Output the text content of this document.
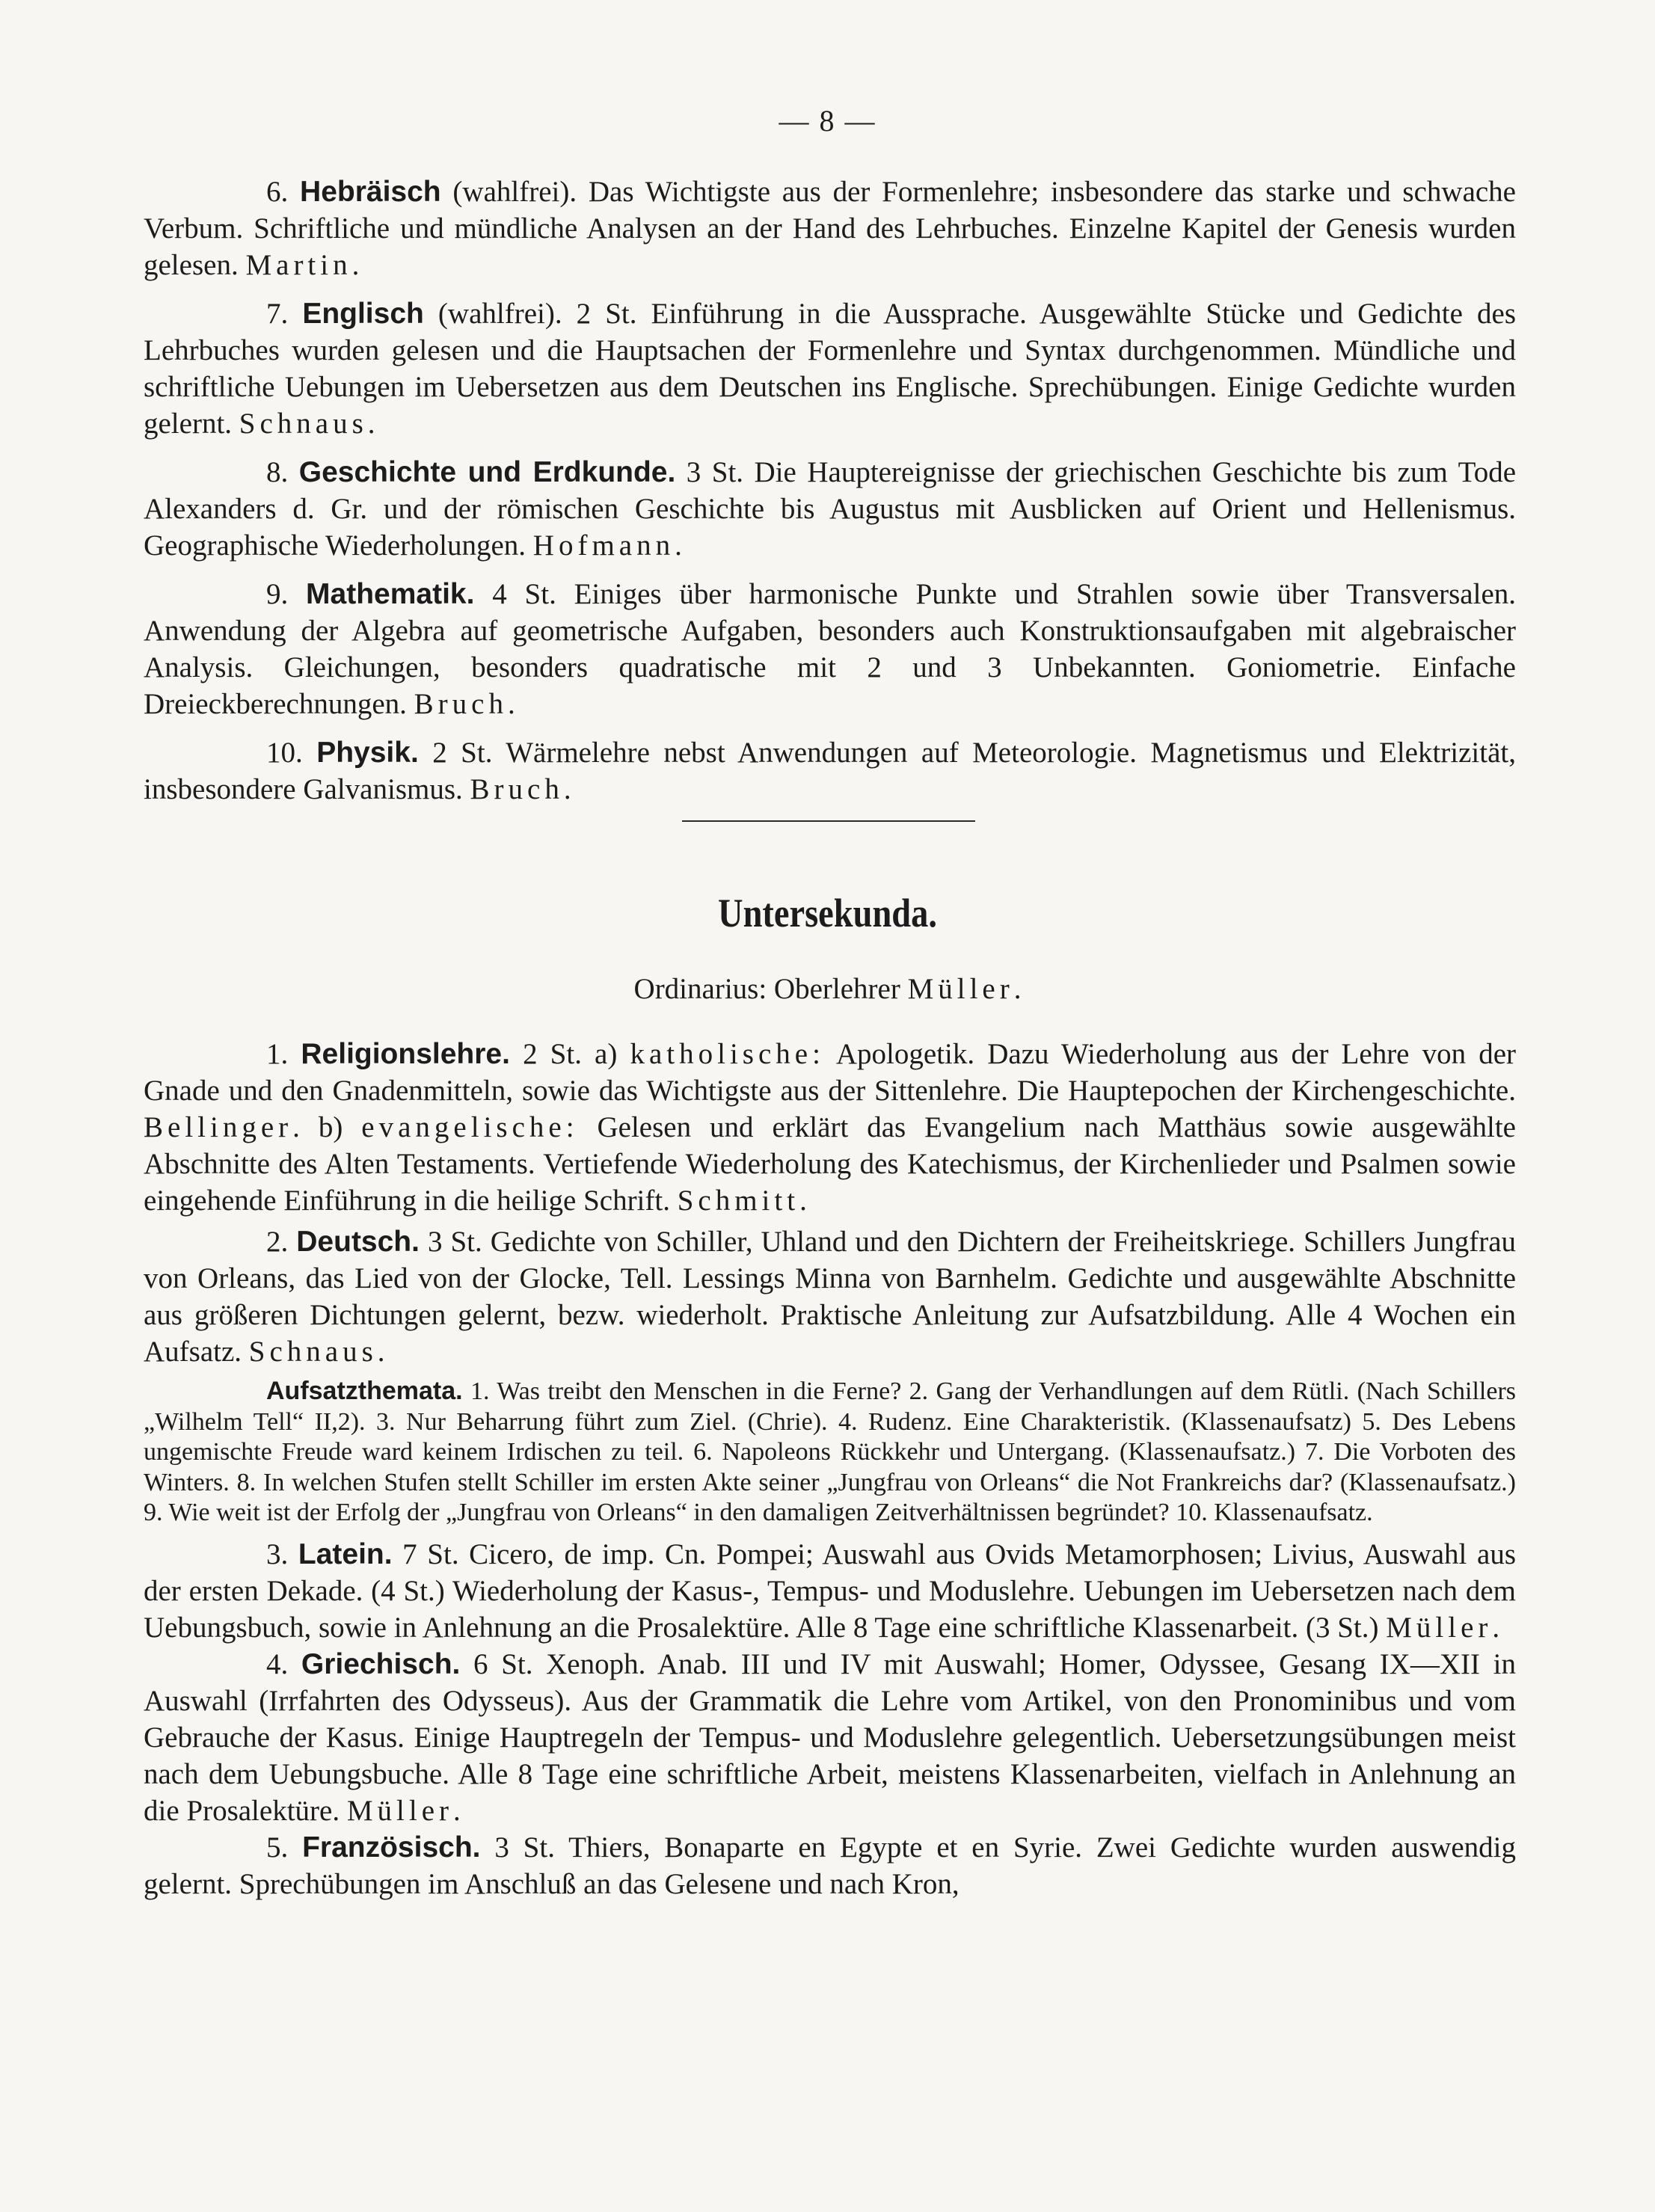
— 8 —

6. Hebräisch (wahlfrei). Das Wichtigste aus der Formenlehre; insbesondere das starke und schwache Verbum. Schriftliche und mündliche Analysen an der Hand des Lehrbuches. Einzelne Kapitel der Genesis wurden gelesen. Martin.

7. Englisch (wahlfrei). 2 St. Einführung in die Aussprache. Ausgewählte Stücke und Gedichte des Lehrbuches wurden gelesen und die Hauptsachen der Formenlehre und Syntax durchgenommen. Mündliche und schriftliche Uebungen im Uebersetzen aus dem Deutschen ins Englische. Sprechübungen. Einige Gedichte wurden gelernt. Schnaus.

8. Geschichte und Erdkunde. 3 St. Die Hauptereignisse der griechischen Geschichte bis zum Tode Alexanders d. Gr. und der römischen Geschichte bis Augustus mit Ausblicken auf Orient und Hellenismus. Geographische Wiederholungen. Hofmann.

9. Mathematik. 4 St. Einiges über harmonische Punkte und Strahlen sowie über Transversalen. Anwendung der Algebra auf geometrische Aufgaben, besonders auch Konstruktionsaufgaben mit algebraischer Analysis. Gleichungen, besonders quadratische mit 2 und 3 Unbekannten. Goniometrie. Einfache Dreieckberechnungen. Bruch.

10. Physik. 2 St. Wärmelehre nebst Anwendungen auf Meteorologie. Magnetismus und Elektrizität, insbesondere Galvanismus. Bruch.

Untersekunda.
Ordinarius: Oberlehrer Müller.

1. Religionslehre. 2 St. a) katholische: Apologetik. Dazu Wiederholung aus der Lehre von der Gnade und den Gnadenmitteln, sowie das Wichtigste aus der Sittenlehre. Die Hauptepochen der Kirchengeschichte. Bellinger. b) evangelische: Gelesen und erklärt das Evangelium nach Matthäus sowie ausgewählte Abschnitte des Alten Testaments. Vertiefende Wiederholung des Katechismus, der Kirchenlieder und Psalmen sowie eingehende Einführung in die heilige Schrift. Schmitt.

2. Deutsch. 3 St. Gedichte von Schiller, Uhland und den Dichtern der Freiheitskriege. Schillers Jungfrau von Orleans, das Lied von der Glocke, Tell. Lessings Minna von Barnhelm. Gedichte und ausgewählte Abschnitte aus größeren Dichtungen gelernt, bezw. wiederholt. Praktische Anleitung zur Aufsatzbildung. Alle 4 Wochen ein Aufsatz. Schnaus.

Aufsatzthemata. 1. Was treibt den Menschen in die Ferne? 2. Gang der Verhandlungen auf dem Rütli. (Nach Schillers „Wilhelm Tell“ II,2). 3. Nur Beharrung führt zum Ziel. (Chrie). 4. Rudenz. Eine Charakteristik. (Klassenaufsatz) 5. Des Lebens ungemischte Freude ward keinem Irdischen zu teil. 6. Napoleons Rückkehr und Untergang. (Klassenaufsatz.) 7. Die Vorboten des Winters. 8. In welchen Stufen stellt Schiller im ersten Akte seiner „Jungfrau von Orleans“ die Not Frankreichs dar? (Klassenaufsatz.) 9. Wie weit ist der Erfolg der „Jungfrau von Orleans“ in den damaligen Zeitverhältnissen begründet? 10. Klassenaufsatz.

3. Latein. 7 St. Cicero, de imp. Cn. Pompei; Auswahl aus Ovids Metamorphosen; Livius, Auswahl aus der ersten Dekade. (4 St.) Wiederholung der Kasus-, Tempus- und Moduslehre. Uebungen im Uebersetzen nach dem Uebungsbuch, sowie in Anlehnung an die Prosalektüre. Alle 8 Tage eine schriftliche Klassenarbeit. (3 St.) Müller.

4. Griechisch. 6 St. Xenoph. Anab. III und IV mit Auswahl; Homer, Odyssee, Gesang IX—XII in Auswahl (Irrfahrten des Odysseus). Aus der Grammatik die Lehre vom Artikel, von den Pronominibus und vom Gebrauche der Kasus. Einige Hauptregeln der Tempus- und Moduslehre gelegentlich. Uebersetzungsübungen meist nach dem Uebungsbuche. Alle 8 Tage eine schriftliche Arbeit, meistens Klassenarbeiten, vielfach in Anlehnung an die Prosalektüre. Müller.

5. Französisch. 3 St. Thiers, Bonaparte en Egypte et en Syrie. Zwei Gedichte wurden auswendig gelernt. Sprechübungen im Anschluß an das Gelesene und nach Kron,
